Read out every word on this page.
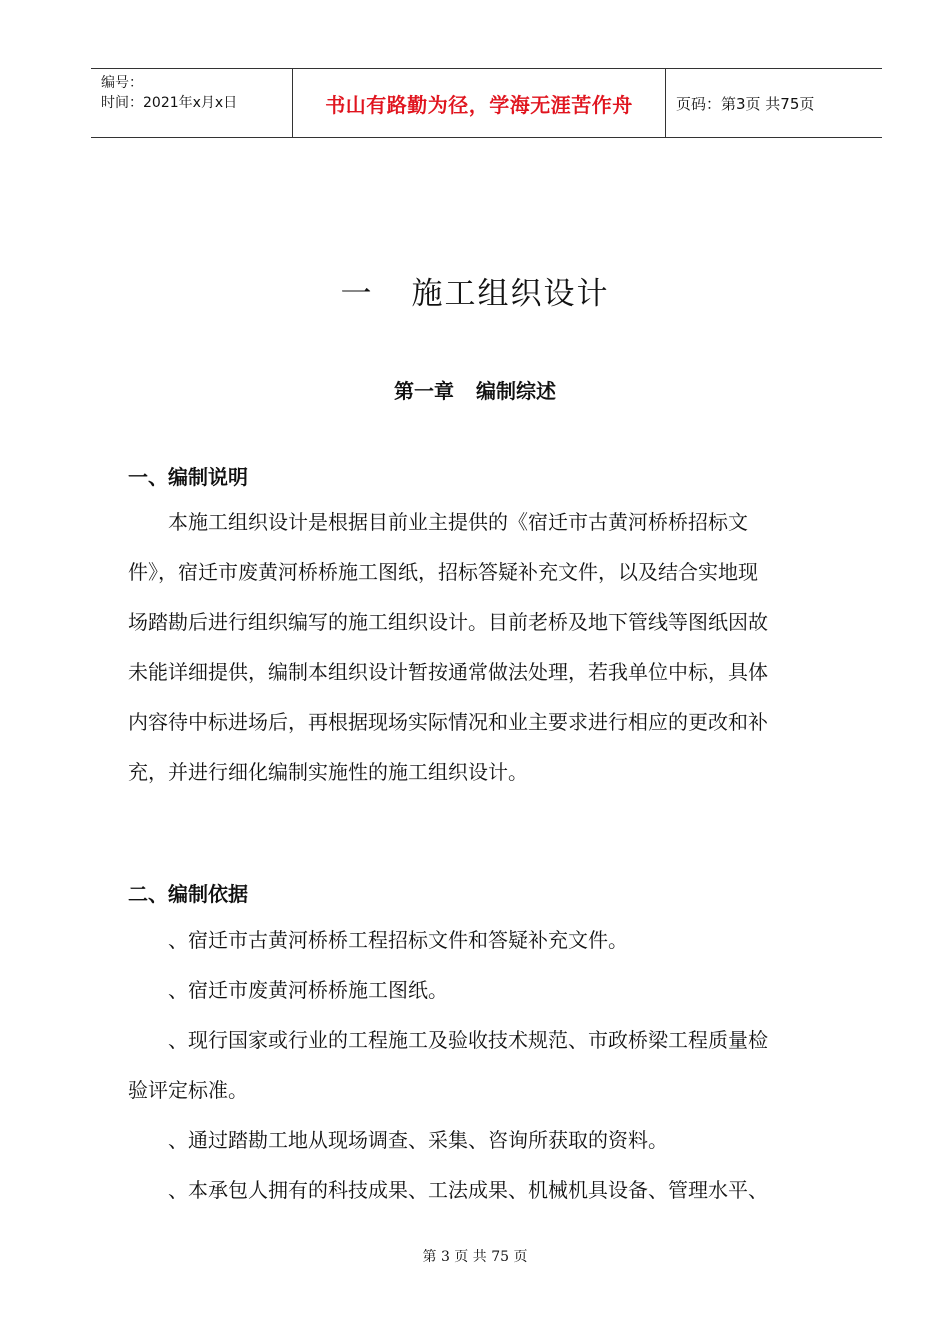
编号：
时间：2021年x月x日	书山有路勤为径，学海无涯苦作舟	页码：第3页 共75页
一 施工组织设计
第一章 编制综述
一、编制说明
本施工组织设计是根据目前业主提供的《宿迁市古黄河桥桥招标文
件》，宿迁市废黄河桥桥施工图纸，招标答疑补充文件，以及结合实地现
场踏勘后进行组织编写的施工组织设计。目前老桥及地下管线等图纸因故
未能详细提供，编制本组织设计暂按通常做法处理，若我单位中标，具体
内容待中标进场后，再根据现场实际情况和业主要求进行相应的更改和补
充，并进行细化编制实施性的施工组织设计。
二、编制依据
、宿迁市古黄河桥桥工程招标文件和答疑补充文件。
、宿迁市废黄河桥桥施工图纸。
、现行国家或行业的工程施工及验收技术规范、市政桥梁工程质量检
验评定标准。
、通过踏勘工地从现场调查、采集、咨询所获取的资料。
、本承包人拥有的科技成果、工法成果、机械机具设备、管理水平、
第 3 页 共 75 页
